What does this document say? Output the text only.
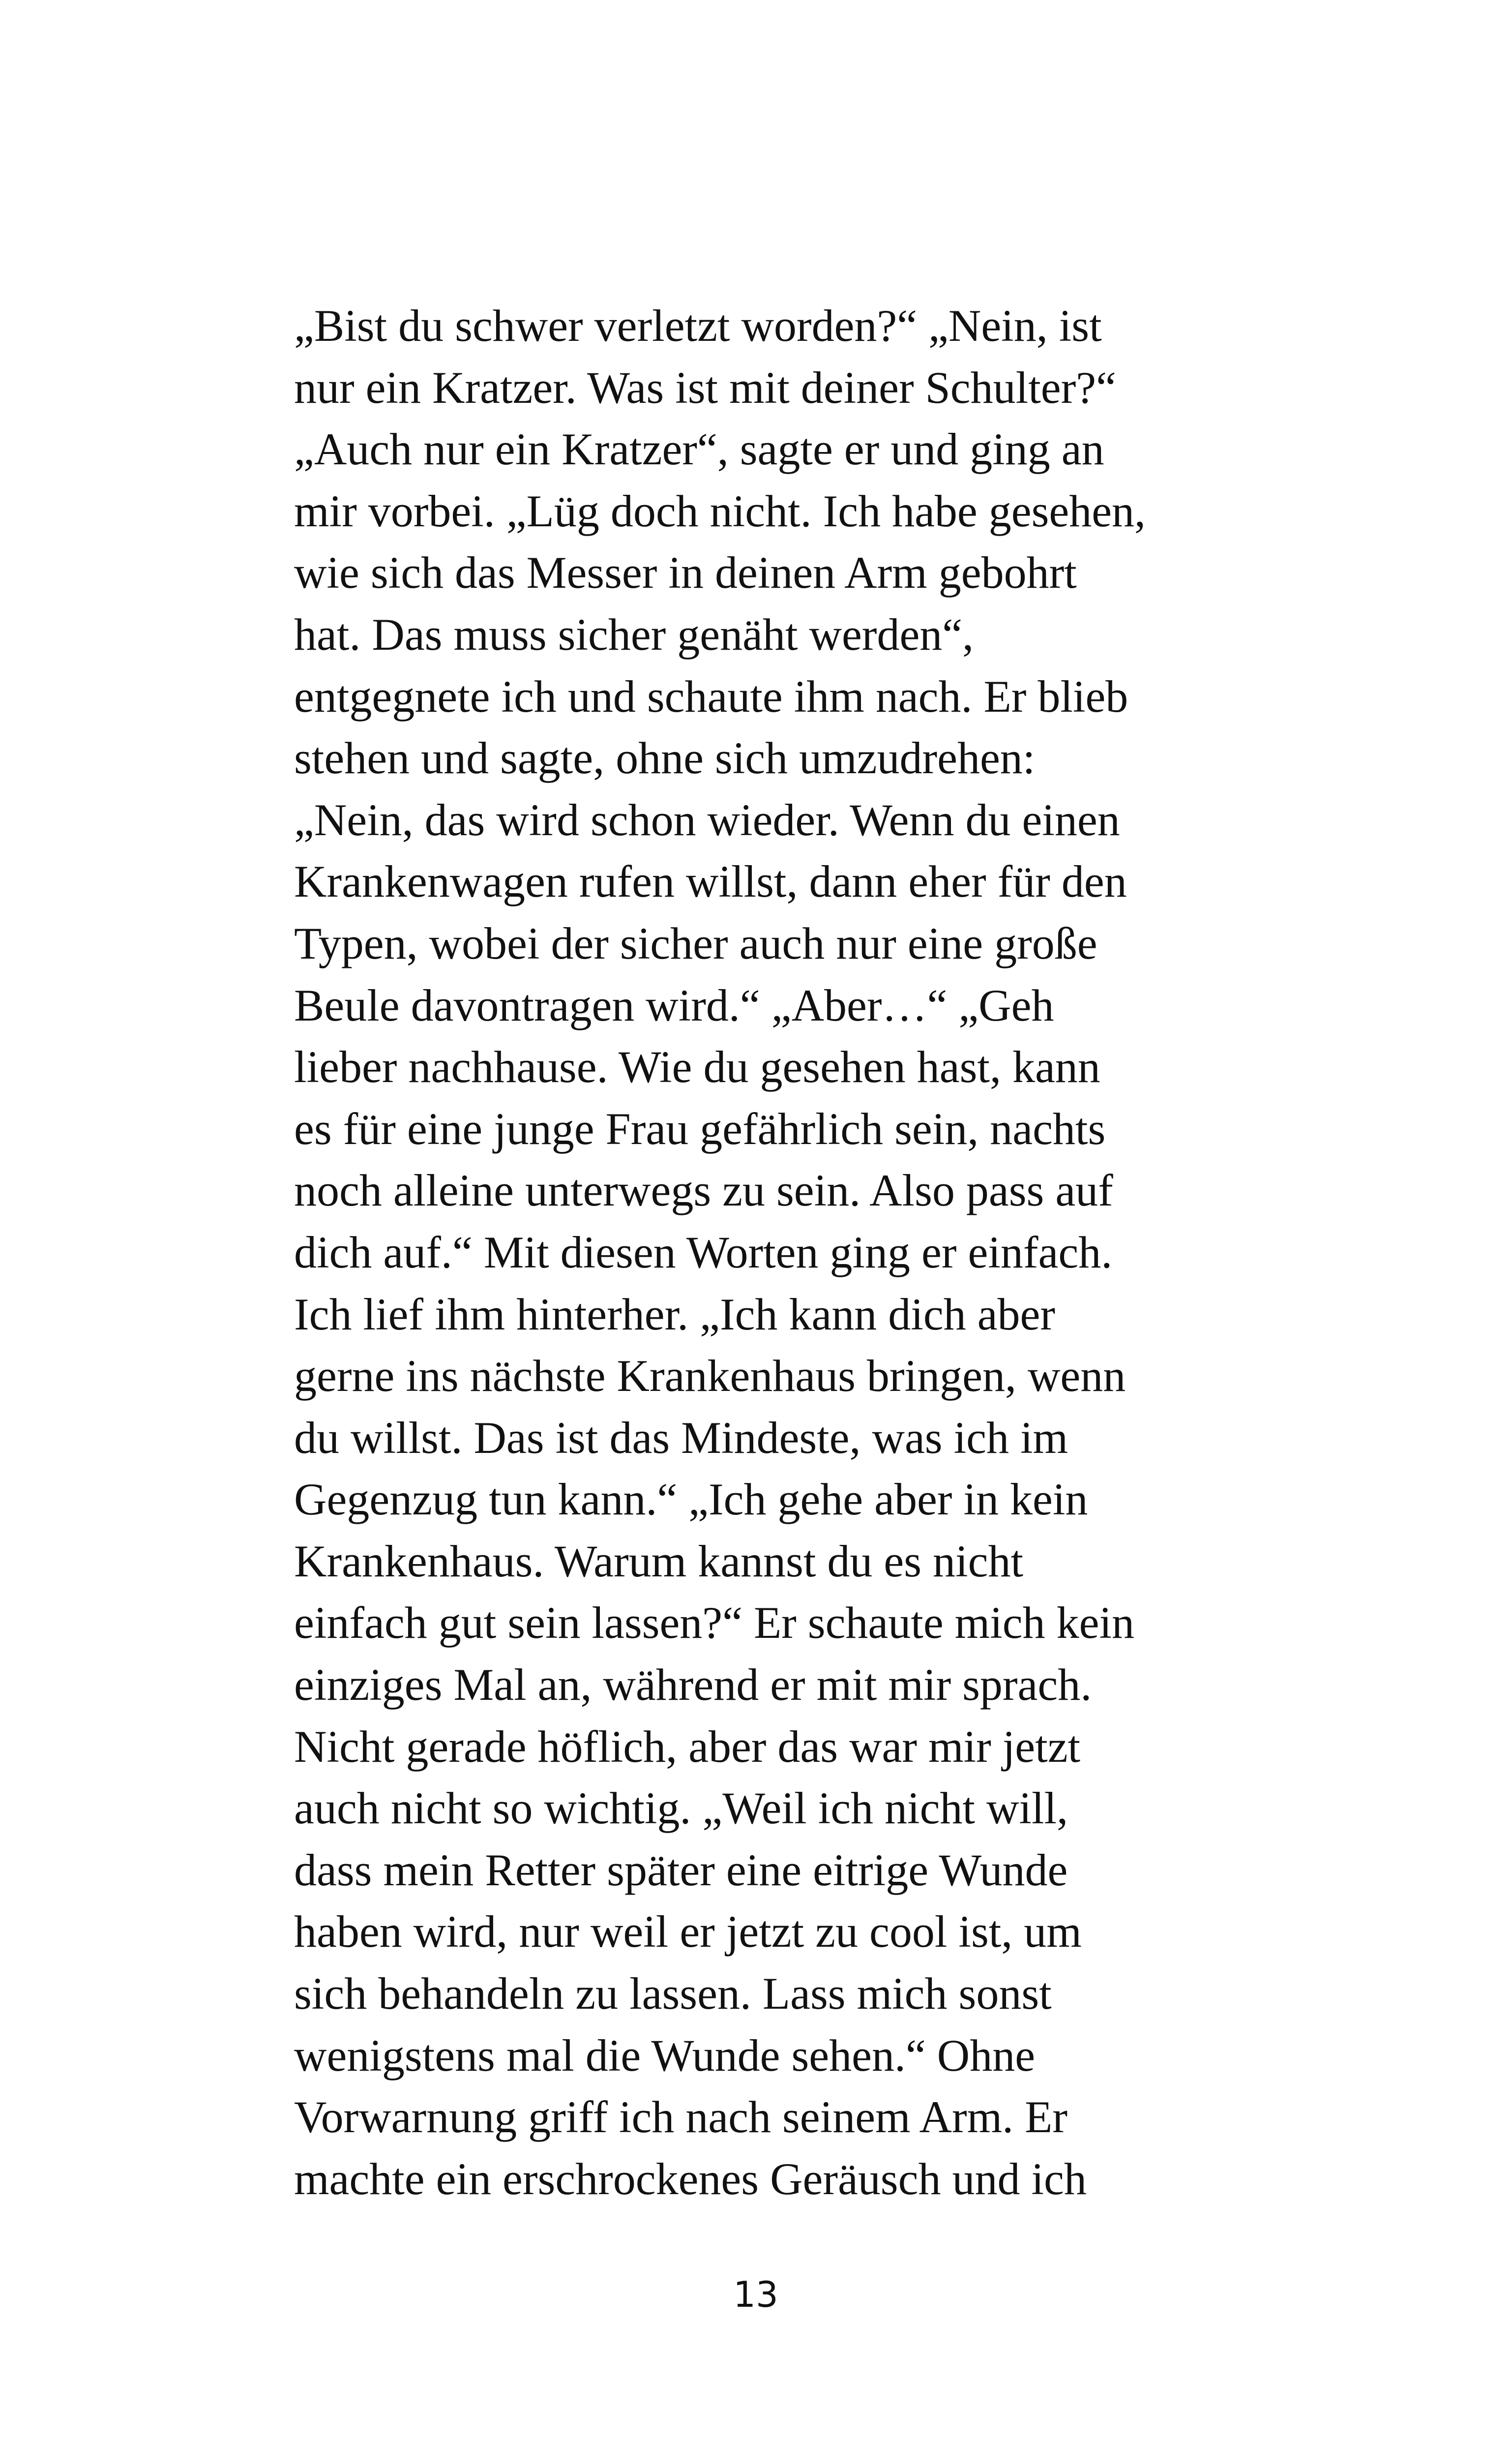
„Bist du schwer verletzt worden?“ „Nein, ist
nur ein Kratzer. Was ist mit deiner Schulter?“
„Auch nur ein Kratzer“, sagte er und ging an
mir vorbei. „Lüg doch nicht. Ich habe gesehen,
wie sich das Messer in deinen Arm gebohrt
hat. Das muss sicher genäht werden“,
entgegnete ich und schaute ihm nach. Er blieb
stehen und sagte, ohne sich umzudrehen:
„Nein, das wird schon wieder. Wenn du einen
Krankenwagen rufen willst, dann eher für den
Typen, wobei der sicher auch nur eine große
Beule davontragen wird.“ „Aber…“ „Geh
lieber nachhause. Wie du gesehen hast, kann
es für eine junge Frau gefährlich sein, nachts
noch alleine unterwegs zu sein. Also pass auf
dich auf.“ Mit diesen Worten ging er einfach.
Ich lief ihm hinterher. „Ich kann dich aber
gerne ins nächste Krankenhaus bringen, wenn
du willst. Das ist das Mindeste, was ich im
Gegenzug tun kann.“ „Ich gehe aber in kein
Krankenhaus. Warum kannst du es nicht
einfach gut sein lassen?“ Er schaute mich kein
einziges Mal an, während er mit mir sprach.
Nicht gerade höflich, aber das war mir jetzt
auch nicht so wichtig. „Weil ich nicht will,
dass mein Retter später eine eitrige Wunde
haben wird, nur weil er jetzt zu cool ist, um
sich behandeln zu lassen. Lass mich sonst
wenigstens mal die Wunde sehen.“ Ohne
Vorwarnung griff ich nach seinem Arm. Er
machte ein erschrockenes Geräusch und ich
13
